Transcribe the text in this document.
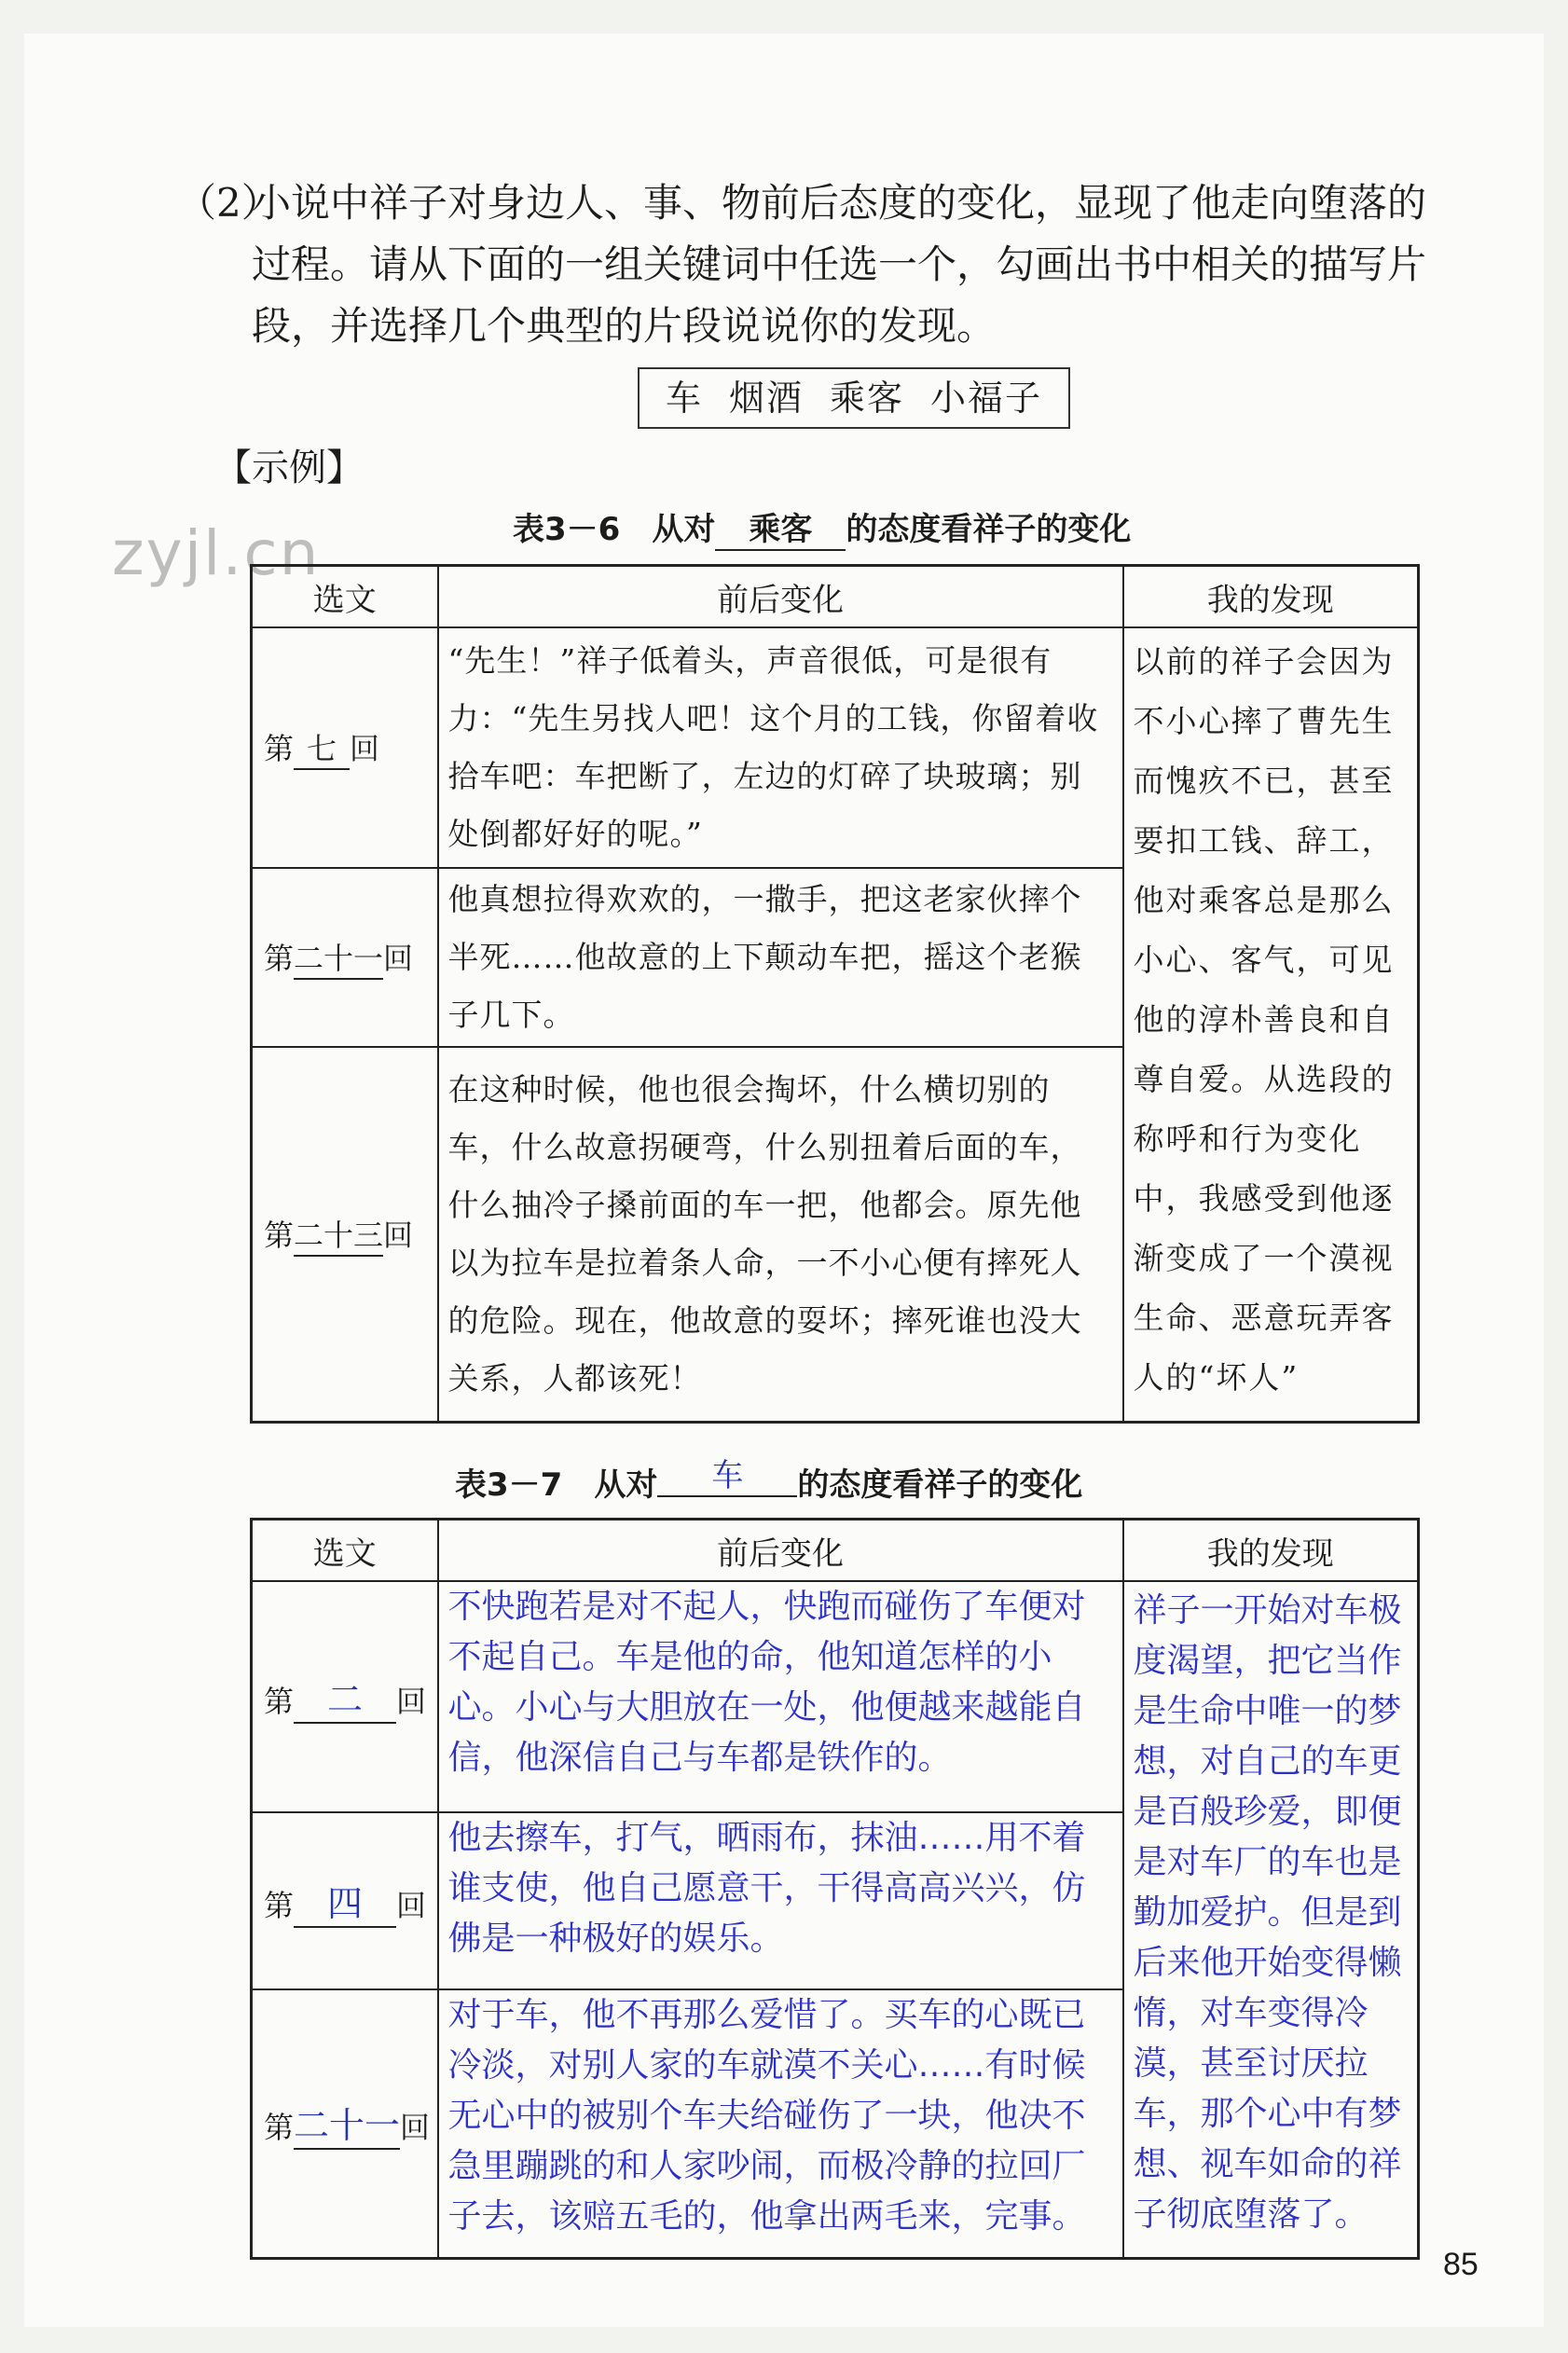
（2）
小说中祥子对身边人、事、物前后态度的变化，显现了他走向堕落的过程。请从下面的一组关键词中任选一个，勾画出书中相关的描写片段，并选择几个典型的片段说说你的发现。
车 烟酒 乘客 小福子
【示例】
zyjl.cn	表3－6　从对 乘客 的态度看祥子的变化
选文	前后变化	我的发现
第 七 回	“先生！”祥子低着头，声音很低，可是很有力：“先生另找人吧！这个月的工钱，你留着收拾车吧：车把断了，左边的灯碎了块玻璃；别处倒都好好的呢。”	以前的祥子会因为不小心摔了曹先生而愧疚不已，甚至要扣工钱、辞工，他对乘客总是那么小心、客气，可见他的淳朴善良和自尊自爱。从选段的称呼和行为变化中，我感受到他逐渐变成了一个漠视生命、恶意玩弄客人的“坏人”
第二十一回	他真想拉得欢欢的，一撒手，把这老家伙摔个半死……他故意的上下颠动车把，摇这个老猴子几下。	
第二十三回	在这种时候，他也很会掏坏，什么横切别的车，什么故意拐硬弯，什么别扭着后面的车，什么抽冷子搡前面的车一把，他都会。原先他以为拉车是拉着条人命，一不小心便有摔死人的危险。现在，他故意的耍坏；摔死谁也没大关系，人都该死！	
表3－7　从对 车 的态度看祥子的变化
选文	前后变化	我的发现
第 二 回	不快跑若是对不起人，快跑而碰伤了车便对不起自己。车是他的命，他知道怎样的小心。小心与大胆放在一处，他便越来越能自信，他深信自己与车都是铁作的。	祥子一开始对车极度渴望，把它当作是生命中唯一的梦想，对自己的车更是百般珍爱，即便是对车厂的车也是勤加爱护。但是到后来他开始变得懒惰，对车变得冷漠，甚至讨厌拉车，那个心中有梦想、视车如命的祥子彻底堕落了。
第 四 回	他去擦车，打气，晒雨布，抹油……用不着谁支使，他自己愿意干，干得高高兴兴，仿佛是一种极好的娱乐。	
第二十一回	对于车，他不再那么爱惜了。买车的心既已冷淡，对别人家的车就漠不关心……有时候无心中的被别个车夫给碰伤了一块，他决不急里蹦跳的和人家吵闹，而极冷静的拉回厂子去，该赔五毛的，他拿出两毛来，完事。	
85
